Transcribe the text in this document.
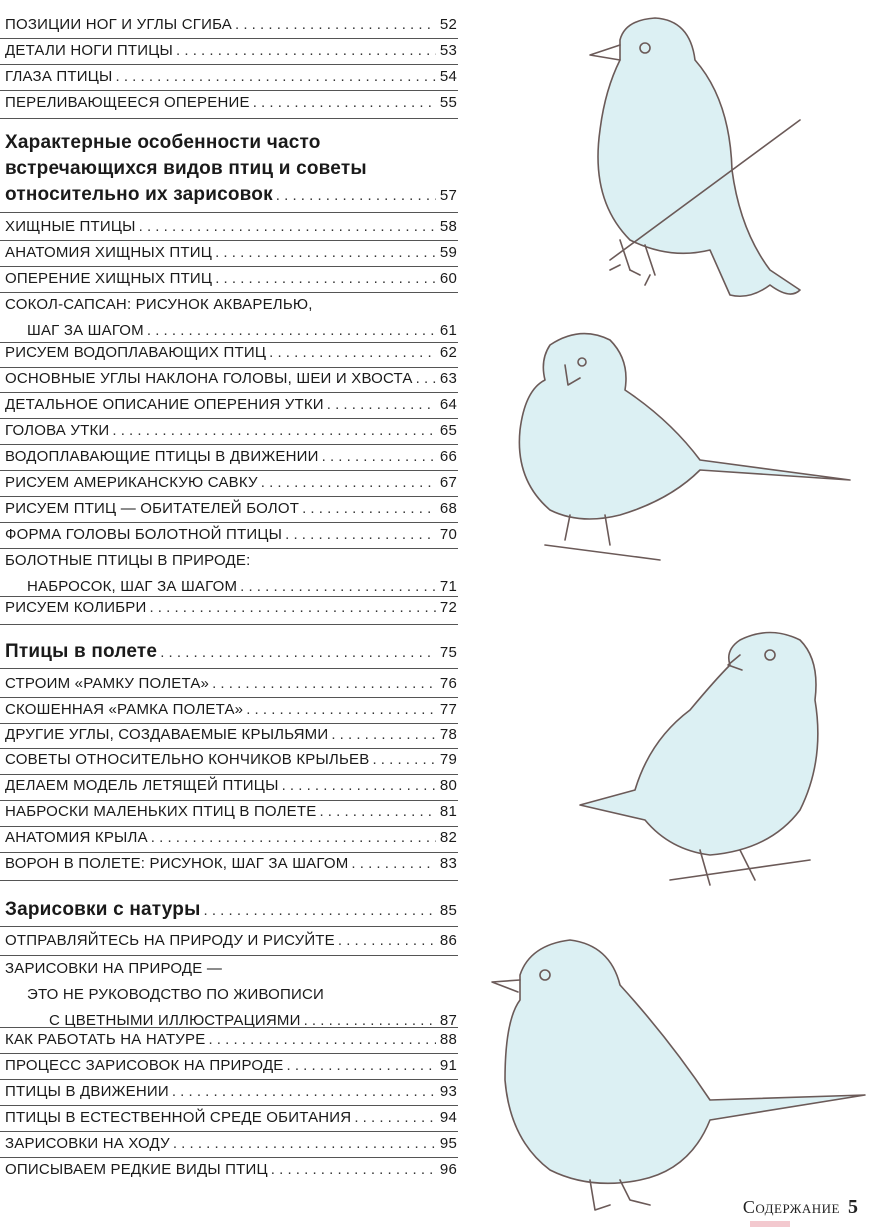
ПОЗИЦИИ НОГ И УГЛЫ СГИБА . . .	52
ДЕТАЛИ НОГИ ПТИЦЫ . . .	53
ГЛАЗА ПТИЦЫ . . .	54
ПЕРЕЛИВАЮЩЕЕСЯ ОПЕРЕНИЕ . . .	55
Характерные особенности часто
встречающихся видов птиц и советы
относительно их зарисовок . . .	57
ХИЩНЫЕ ПТИЦЫ . . .	58
АНАТОМИЯ ХИЩНЫХ ПТИЦ . . .	59
ОПЕРЕНИЕ ХИЩНЫХ ПТИЦ . . .	60
СОКОЛ-САПСАН: РИСУНОК АКВАРЕЛЬЮ,
ШАГ ЗА ШАГОМ . . .	61
РИСУЕМ ВОДОПЛАВАЮЩИХ ПТИЦ . . .	62
ОСНОВНЫЕ УГЛЫ НАКЛОНА ГОЛОВЫ, ШЕИ И ХВОСТА . . . 63
ДЕТАЛЬНОЕ ОПИСАНИЕ ОПЕРЕНИЯ УТКИ . . .	64
ГОЛОВА УТКИ . . .	65
ВОДОПЛАВАЮЩИЕ ПТИЦЫ В ДВИЖЕНИИ . . .	66
РИСУЕМ АМЕРИКАНСКУЮ САВКУ . . .	67
РИСУЕМ ПТИЦ — ОБИТАТЕЛЕЙ БОЛОТ . . .	68
ФОРМА ГОЛОВЫ БОЛОТНОЙ ПТИЦЫ . . .	70
БОЛОТНЫЕ ПТИЦЫ В ПРИРОДЕ:
НАБРОСОК, ШАГ ЗА ШАГОМ . . .	71
РИСУЕМ КОЛИБРИ . . .	72
Птицы в полете . . .	75
СТРОИМ «РАМКУ ПОЛЕТА» . . .	76
СКОШЕННАЯ «РАМКА ПОЛЕТА» . . .	77
ДРУГИЕ УГЛЫ, СОЗДАВАЕМЫЕ КРЫЛЬЯМИ . . .	78
СОВЕТЫ ОТНОСИТЕЛЬНО КОНЧИКОВ КРЫЛЬЕВ . . .	79
ДЕЛАЕМ МОДЕЛЬ ЛЕТЯЩЕЙ ПТИЦЫ . . .	80
НАБРОСКИ МАЛЕНЬКИХ ПТИЦ В ПОЛЕТЕ . . .	81
АНАТОМИЯ КРЫЛА . . .	82
ВОРОН В ПОЛЕТЕ: РИСУНОК, ШАГ ЗА ШАГОМ . . .	83
Зарисовки с натуры . . .	85
ОТПРАВЛЯЙТЕСЬ НА ПРИРОДУ И РИСУЙТЕ . . .	86
ЗАРИСОВКИ НА ПРИРОДЕ —
ЭТО НЕ РУКОВОДСТВО ПО ЖИВОПИСИ
С ЦВЕТНЫМИ ИЛЛЮСТРАЦИЯМИ . . .	87
КАК РАБОТАТЬ НА НАТУРЕ . . .	88
ПРОЦЕСС ЗАРИСОВОК НА ПРИРОДЕ . . .	91
ПТИЦЫ В ДВИЖЕНИИ . . .	93
ПТИЦЫ В ЕСТЕСТВЕННОЙ СРЕДЕ ОБИТАНИЯ . . .	94
ЗАРИСОВКИ НА ХОДУ . . .	95
ОПИСЫВАЕМ РЕДКИЕ ВИДЫ ПТИЦ . . .	96
Содержание 5
